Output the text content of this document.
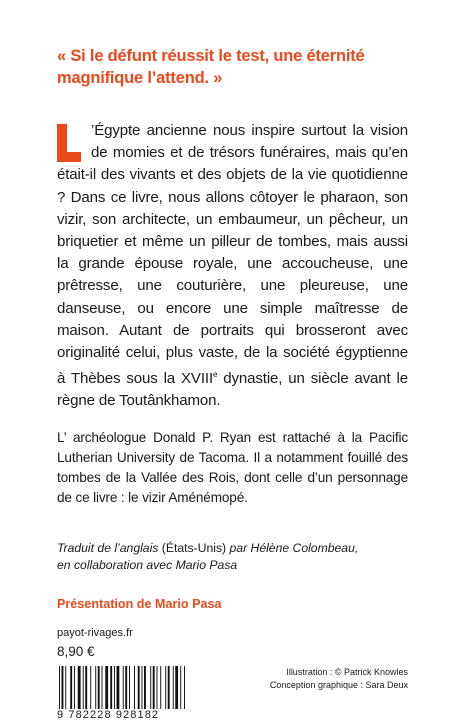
« Si le défunt réussit le test, une éternité magnifique l’attend. »
’Égypte ancienne nous inspire surtout la vision de momies et de trésors funéraires, mais qu’en était-il des vivants et des objets de la vie quotidienne ? Dans ce livre, nous allons côtoyer le pharaon, son vizir, son architecte, un embaumeur, un pêcheur, un briquetier et même un pilleur de tombes, mais aussi la grande épouse royale, une accoucheuse, une prêtresse, une couturière, une pleureuse, une danseuse, ou encore une simple maîtresse de maison. Autant de portraits qui brosseront avec originalité celui, plus vaste, de la société égyptienne à Thèbes sous la XVIIIe dynastie, un siècle avant le règne de Toutânkhamon.
L’ archéologue Donald P. Ryan est rattaché à la Pacific Lutherian University de Tacoma. Il a notamment fouillé des tombes de la Vallée des Rois, dont celle d’un personnage de ce livre : le vizir Aménémopé.
Traduit de l’anglais (États-Unis) par Hélène Colombeau,
en collaboration avec Mario Pasa
Présentation de Mario Pasa
payot-rivages.fr
8,90 €
9 782228 928182
Illustration : © Patrick Knowles
Conception graphique : Sara Deux
